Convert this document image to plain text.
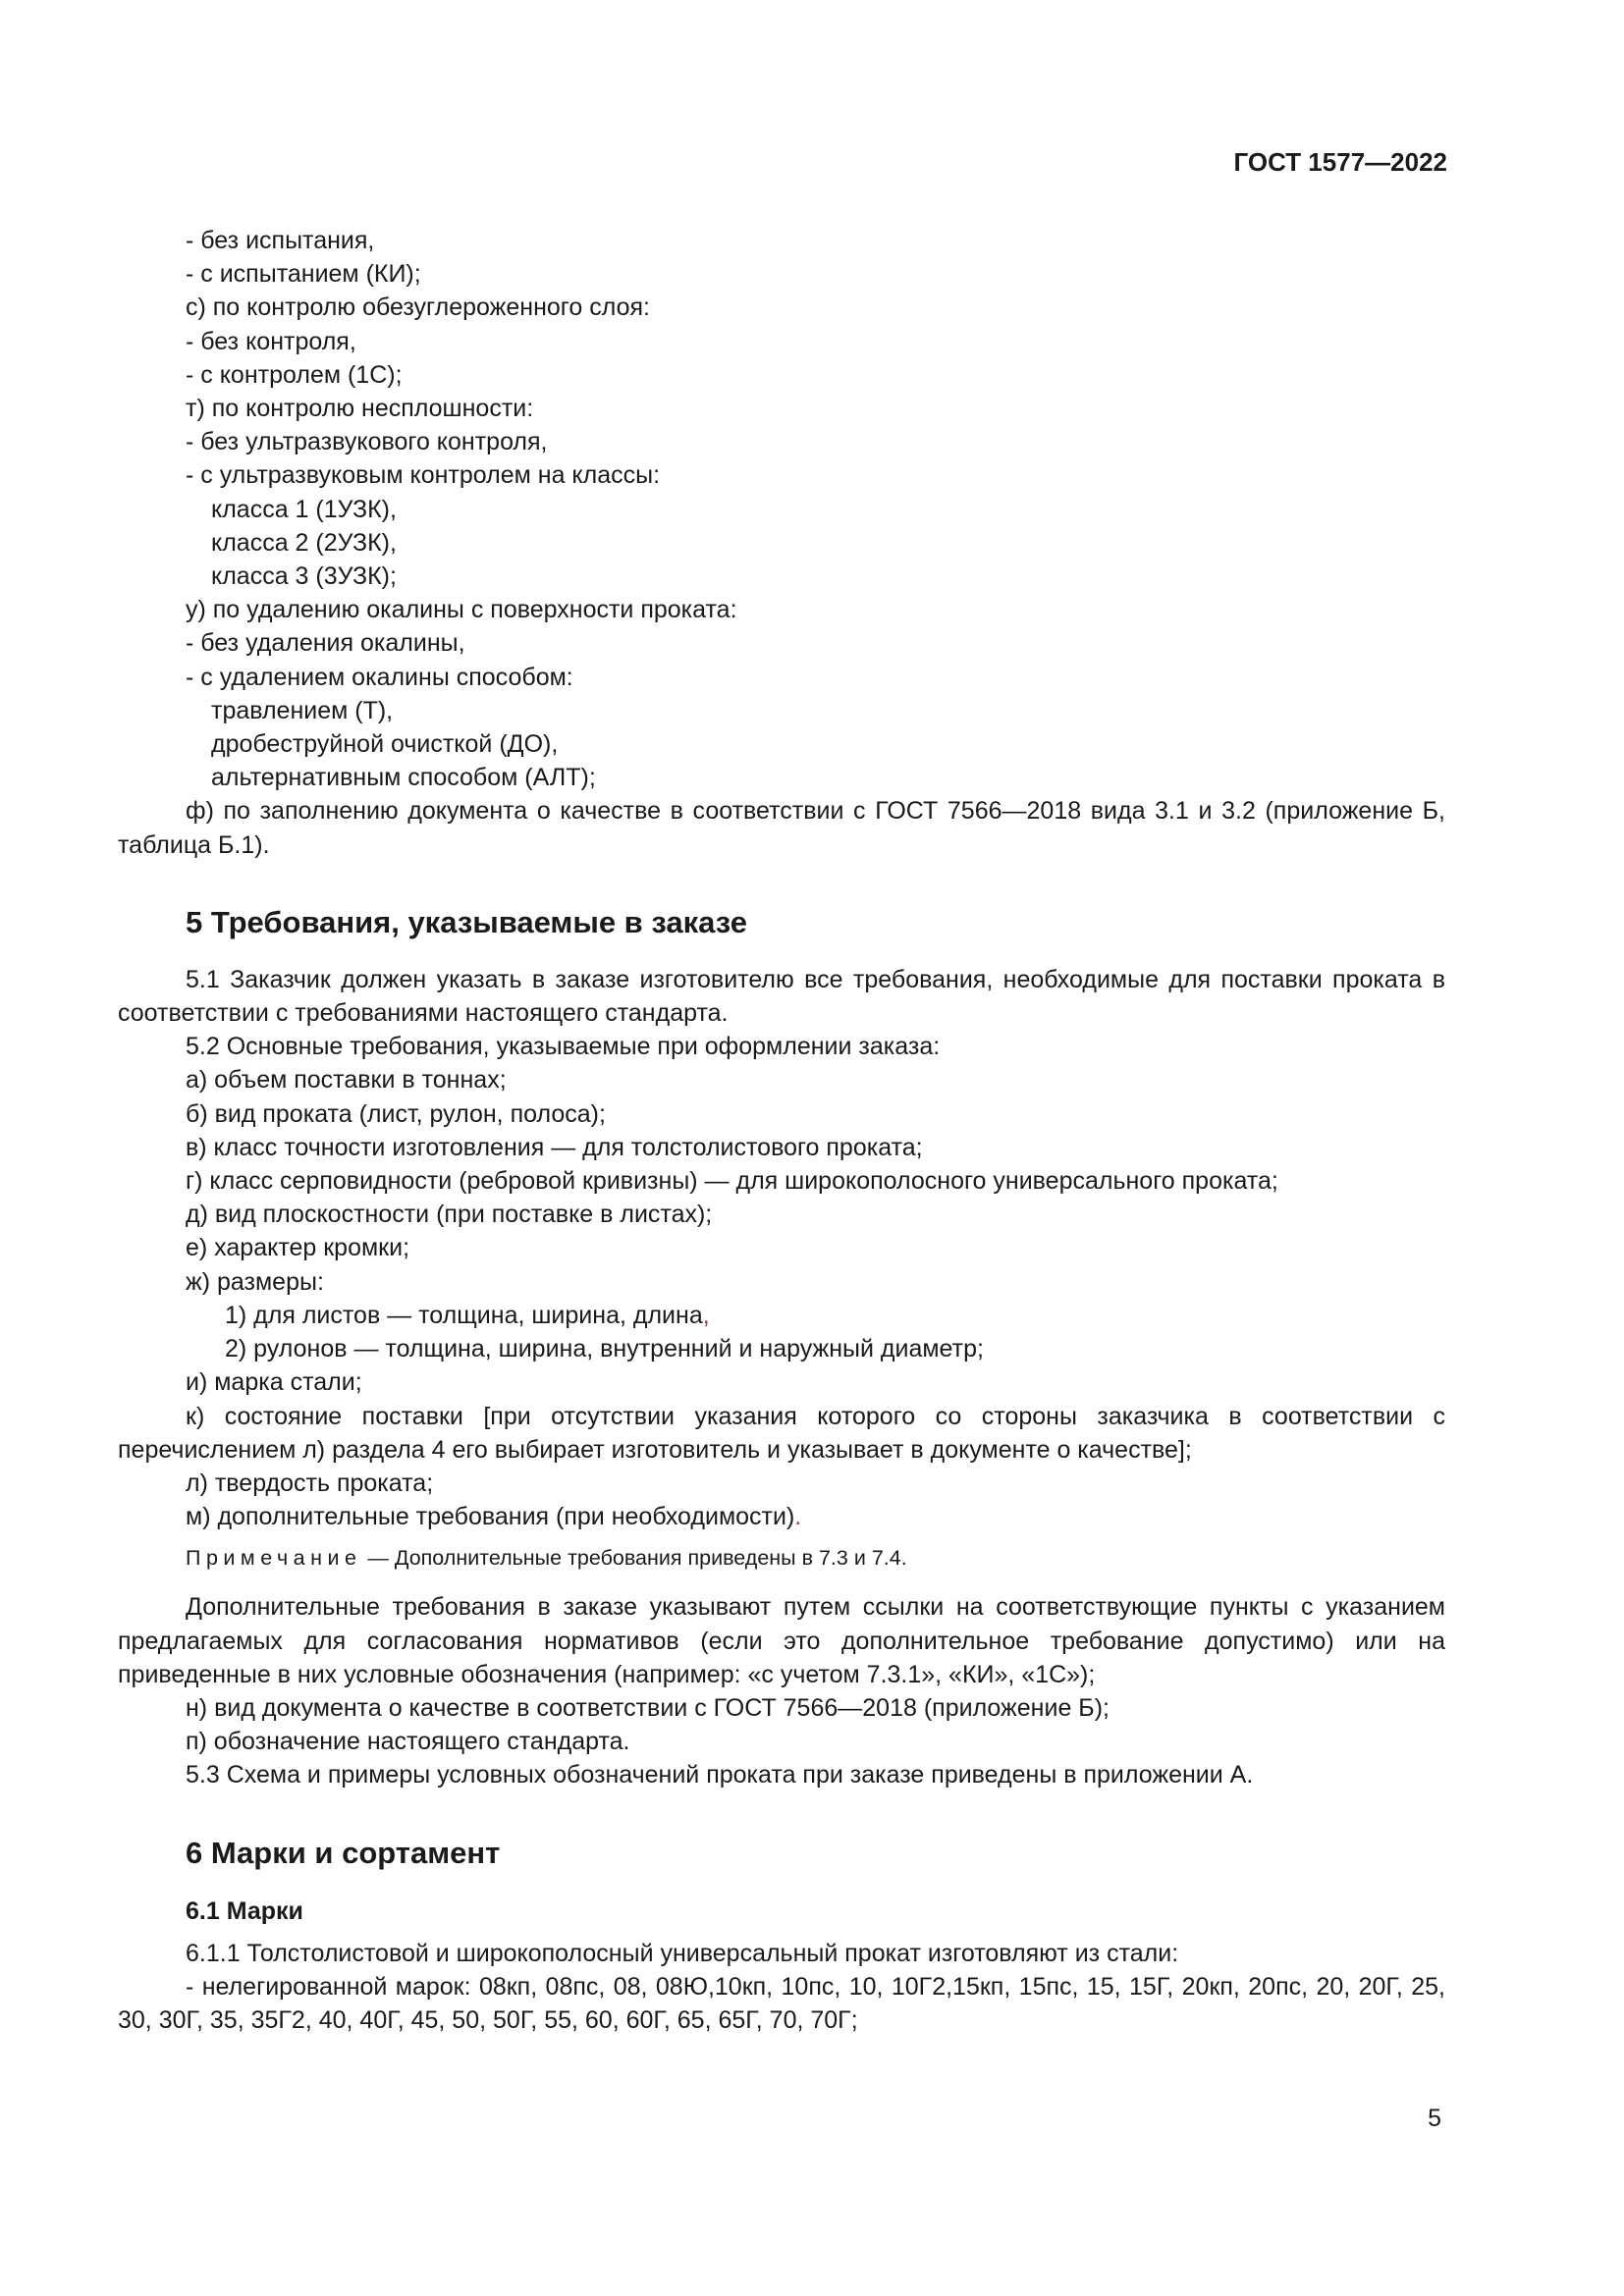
ГОСТ 1577—2022

- без испытания,

- с испытанием (КИ);

с) по контролю обезуглероженного слоя:

- без контроля,

- с контролем (1С);

т) по контролю несплошности:

- без ультразвукового контроля,

- с ультразвуковым контролем на классы:

класса 1 (1УЗК),

класса 2 (2УЗК),

класса 3 (3УЗК);

у) по удалению окалины с поверхности проката:

- без удаления окалины,

- с удалением окалины способом:

травлением (Т),

дробеструйной очисткой (ДО),

альтернативным способом (АЛТ);

ф) по заполнению документа о качестве в соответствии с ГОСТ 7566—2018 вида 3.1 и 3.2 (приложение Б, таблица Б.1).

5 Требования, указываемые в заказе

5.1 Заказчик должен указать в заказе изготовителю все требования, необходимые для поставки проката в соответствии с требованиями настоящего стандарта.

5.2 Основные требования, указываемые при оформлении заказа:

а) объем поставки в тоннах;

б) вид проката (лист, рулон, полоса);

в) класс точности изготовления — для толстолистового проката;

г) класс серповидности (ребровой кривизны) — для широкополосного универсального проката;

д) вид плоскостности (при поставке в листах);

е) характер кромки;

ж) размеры:

1) для листов — толщина, ширина, длина,

2) рулонов — толщина, ширина, внутренний и наружный диаметр;

и) марка стали;

к) состояние поставки [при отсутствии указания которого со стороны заказчика в соответствии с перечислением л) раздела 4 его выбирает изготовитель и указывает в документе о качестве];

л) твердость проката;

м) дополнительные требования (при необходимости).

Примечание — Дополнительные требования приведены в 7.3 и 7.4.

Дополнительные требования в заказе указывают путем ссылки на соответствующие пункты с указанием предлагаемых для согласования нормативов (если это дополнительное требование допустимо) или на приведенные в них условные обозначения (например: «с учетом 7.3.1», «КИ», «1С»);

н) вид документа о качестве в соответствии с ГОСТ 7566—2018 (приложение Б);

п) обозначение настоящего стандарта.

5.3 Схема и примеры условных обозначений проката при заказе приведены в приложении А.

6 Марки и сортамент
6.1 Марки

6.1.1 Толстолистовой и широкополосный универсальный прокат изготовляют из стали:

- нелегированной марок: 08кп, 08пс, 08, 08Ю,10кп, 10пс, 10, 10Г2,15кп, 15пс, 15, 15Г, 20кп, 20пс, 20, 20Г, 25, 30, 30Г, 35, 35Г2, 40, 40Г, 45, 50, 50Г, 55, 60, 60Г, 65, 65Г, 70, 70Г;

5
